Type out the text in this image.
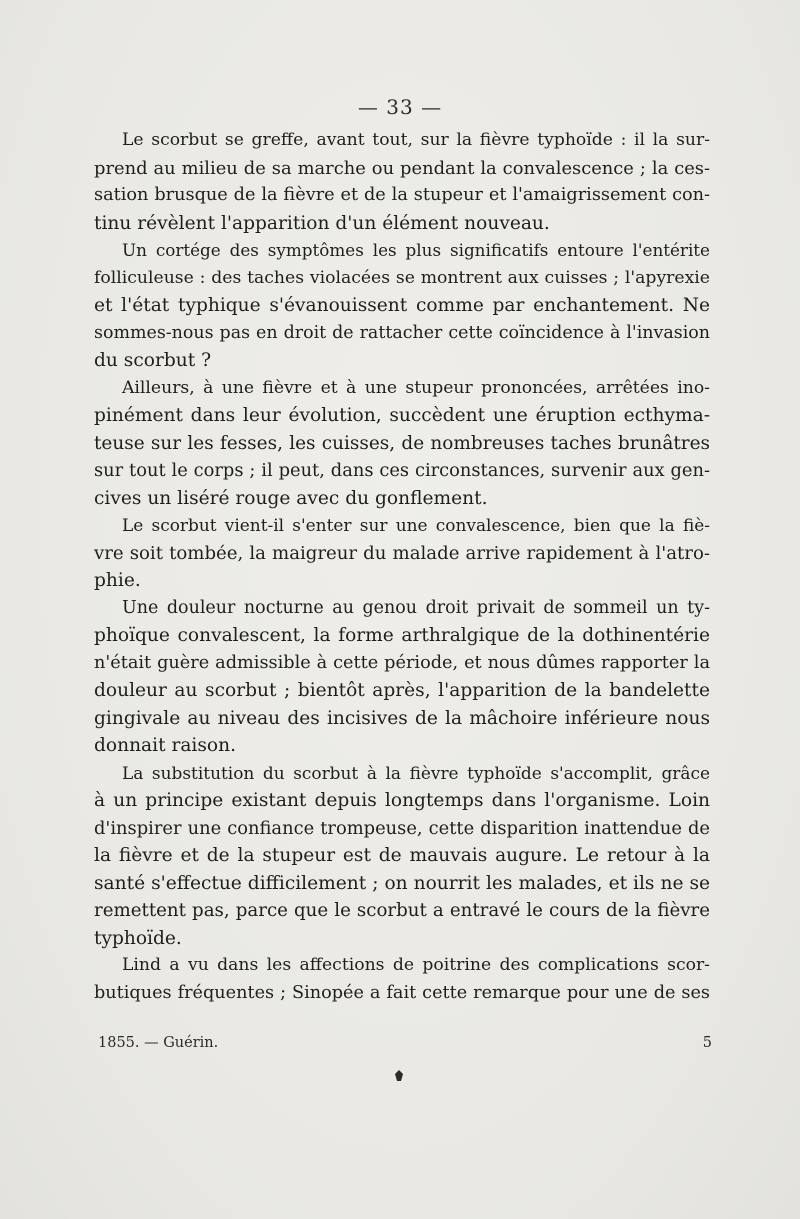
— 33 —
Le scorbut se greffe, avant tout, sur la fièvre typhoïde : il la sur-
prend au milieu de sa marche ou pendant la convalescence ; la ces-
sation brusque de la fièvre et de la stupeur et l'amaigrissement con-
tinu révèlent l'apparition d'un élément nouveau.
Un cortége des symptômes les plus significatifs entoure l'entérite
folliculeuse : des taches violacées se montrent aux cuisses ; l'apyrexie
et l'état typhique s'évanouissent comme par enchantement. Ne
sommes-nous pas en droit de rattacher cette coïncidence à l'invasion
du scorbut ?
Ailleurs, à une fièvre et à une stupeur prononcées, arrêtées ino-
pinément dans leur évolution, succèdent une éruption ecthyma-
teuse sur les fesses, les cuisses, de nombreuses taches brunâtres
sur tout le corps ; il peut, dans ces circonstances, survenir aux gen-
cives un liséré rouge avec du gonflement.
Le scorbut vient-il s'enter sur une convalescence, bien que la fiè-
vre soit tombée, la maigreur du malade arrive rapidement à l'atro-
phie.
Une douleur nocturne au genou droit privait de sommeil un ty-
phoïque convalescent, la forme arthralgique de la dothinentérie
n'était guère admissible à cette période, et nous dûmes rapporter la
douleur au scorbut ; bientôt après, l'apparition de la bandelette
gingivale au niveau des incisives de la mâchoire inférieure nous
donnait raison.
La substitution du scorbut à la fièvre typhoïde s'accomplit, grâce
à un principe existant depuis longtemps dans l'organisme. Loin
d'inspirer une confiance trompeuse, cette disparition inattendue de
la fièvre et de la stupeur est de mauvais augure. Le retour à la
santé s'effectue difficilement ; on nourrit les malades, et ils ne se
remettent pas, parce que le scorbut a entravé le cours de la fièvre
typhoïde.
Lind a vu dans les affections de poitrine des complications scor-
butiques fréquentes ; Sinopée a fait cette remarque pour une de ses
1855. — Guérin.	5
